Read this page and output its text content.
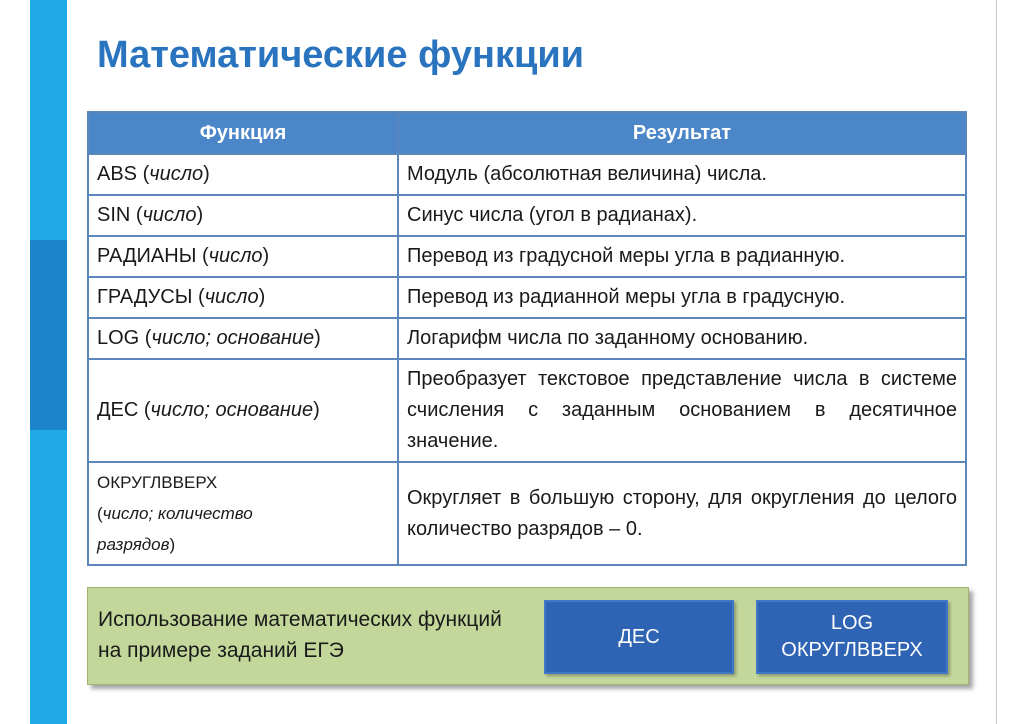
Математические функции
Функция	Результат
ABS (число)	Модуль (абсолютная величина) числа.
SIN (число)	Синус числа (угол в радианах).
РАДИАНЫ (число)	Перевод из градусной меры угла в радианную.
ГРАДУСЫ (число)	Перевод из радианной меры угла в градусную.
LOG (число; основание)	Логарифм числа по заданному основанию.
ДЕС (число; основание)	Преобразует текстовое представление числа в системе счисления с заданным основанием в десятичное значение.
ОКРУГЛВВЕРХ
(число; количество
разрядов)	Округляет в большую сторону, для округления до целого количество разрядов – 0.
Использование математических функций на примере заданий ЕГЭ
ДЕС
LOG
ОКРУГЛВВЕРХ
